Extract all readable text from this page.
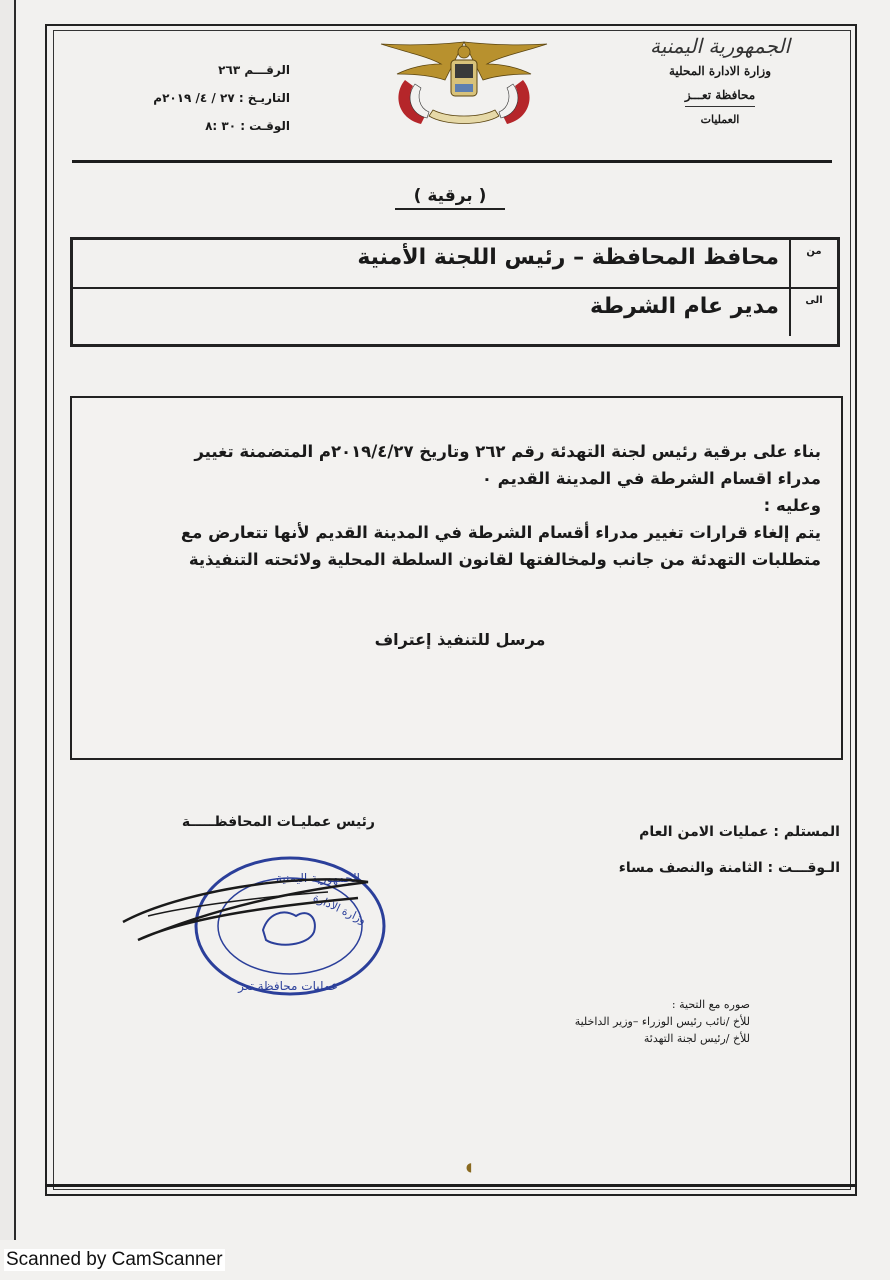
الجمهورية اليمنية
وزارة الادارة المحلية
محافظة تعـــز
العمليات
الرقـــم ٢٦٣
التاريـخ : ٢٧ / ٤/ ٢٠١٩م
الوقـت : ٣٠ :٨
( برقية )
من
محافظ المحافظة – رئيس اللجنة الأمنية
الى
مدير عام الشرطة
بناء على برقية رئيس لجنة التهدئة رقم ٢٦٢ وتاريخ ٢٠١٩/٤/٢٧م المتضمنة تغيير
مدراء اقسام الشرطة في المدينة القديم ٠
وعليه :
يتم إلغاء قرارات تغيير مدراء أقسام الشرطة في المدينة القديم لأنها تتعارض مع
متطلبات التهدئة من جانب ولمخالفتها لقانون السلطة المحلية ولائحته التنفيذية
مرسل للتنفيذ إعتراف
المستلم : عمليات الامن العام
الـوقـــت : الثامنة والنصف مساء
رئيس عمليـات المحافظـــــة
الجمهورية اليمنية
وزارة الادارة
عمليات محافظة تعز
صوره مع التحية :
للأخ /نائب رئيس الوزراء –وزير الداخلية
للأخ /رئيس لجنة التهدئة
◖
Scanned by CamScanner
